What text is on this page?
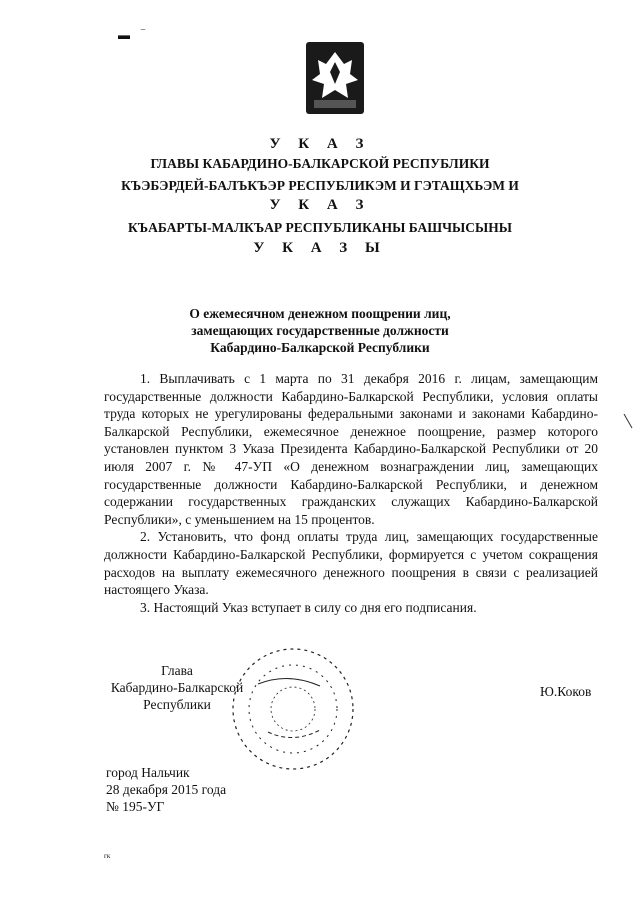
▬ ‾
У К А З
ГЛАВЫ КАБАРДИНО-БАЛКАРСКОЙ РЕСПУБЛИКИ
КЪЭБЭРДЕЙ-БАЛЪКЪЭР РЕСПУБЛИКЭМ И ГЭТАЩХЬЭМ И
У К А З
КЪАБАРТЫ-МАЛКЪАР РЕСПУБЛИКАНЫ БАШЧЫСЫНЫ
У К А З Ы
О ежемесячном денежном поощрении лиц,
замещающих государственные должности
Кабардино-Балкарской Республики

1. Выплачивать с 1 марта по 31 декабря 2016 г. лицам, замещающим государственные должности Кабардино-Балкарской Республики, условия оплаты труда которых не урегулированы федеральными законами и законами Кабардино-Балкарской Республики, ежемесячное денежное поощрение, размер которого установлен пунктом 3 Указа Президента Кабардино-Балкарской Республики от 20 июля 2007 г. № 47-УП «О денежном вознаграждении лиц, замещающих государственные должности Кабардино-Балкарской Республики, и денежном содержании государственных гражданских служащих Кабардино-Балкарской Республики», с уменьшением на 15 процентов.

2. Установить, что фонд оплаты труда лиц, замещающих государственные должности Кабардино-Балкарской Республики, формируется с учетом сокращения расходов на выплату ежемесячного денежного поощрения в связи с реализацией настоящего Указа.

3. Настоящий Указ вступает в силу со дня его подписания.

Глава
Кабардино-Балкарской
Республики
Ю.Коков
город Нальчик
28 декабря 2015 года
№ 195-УГ
гк
